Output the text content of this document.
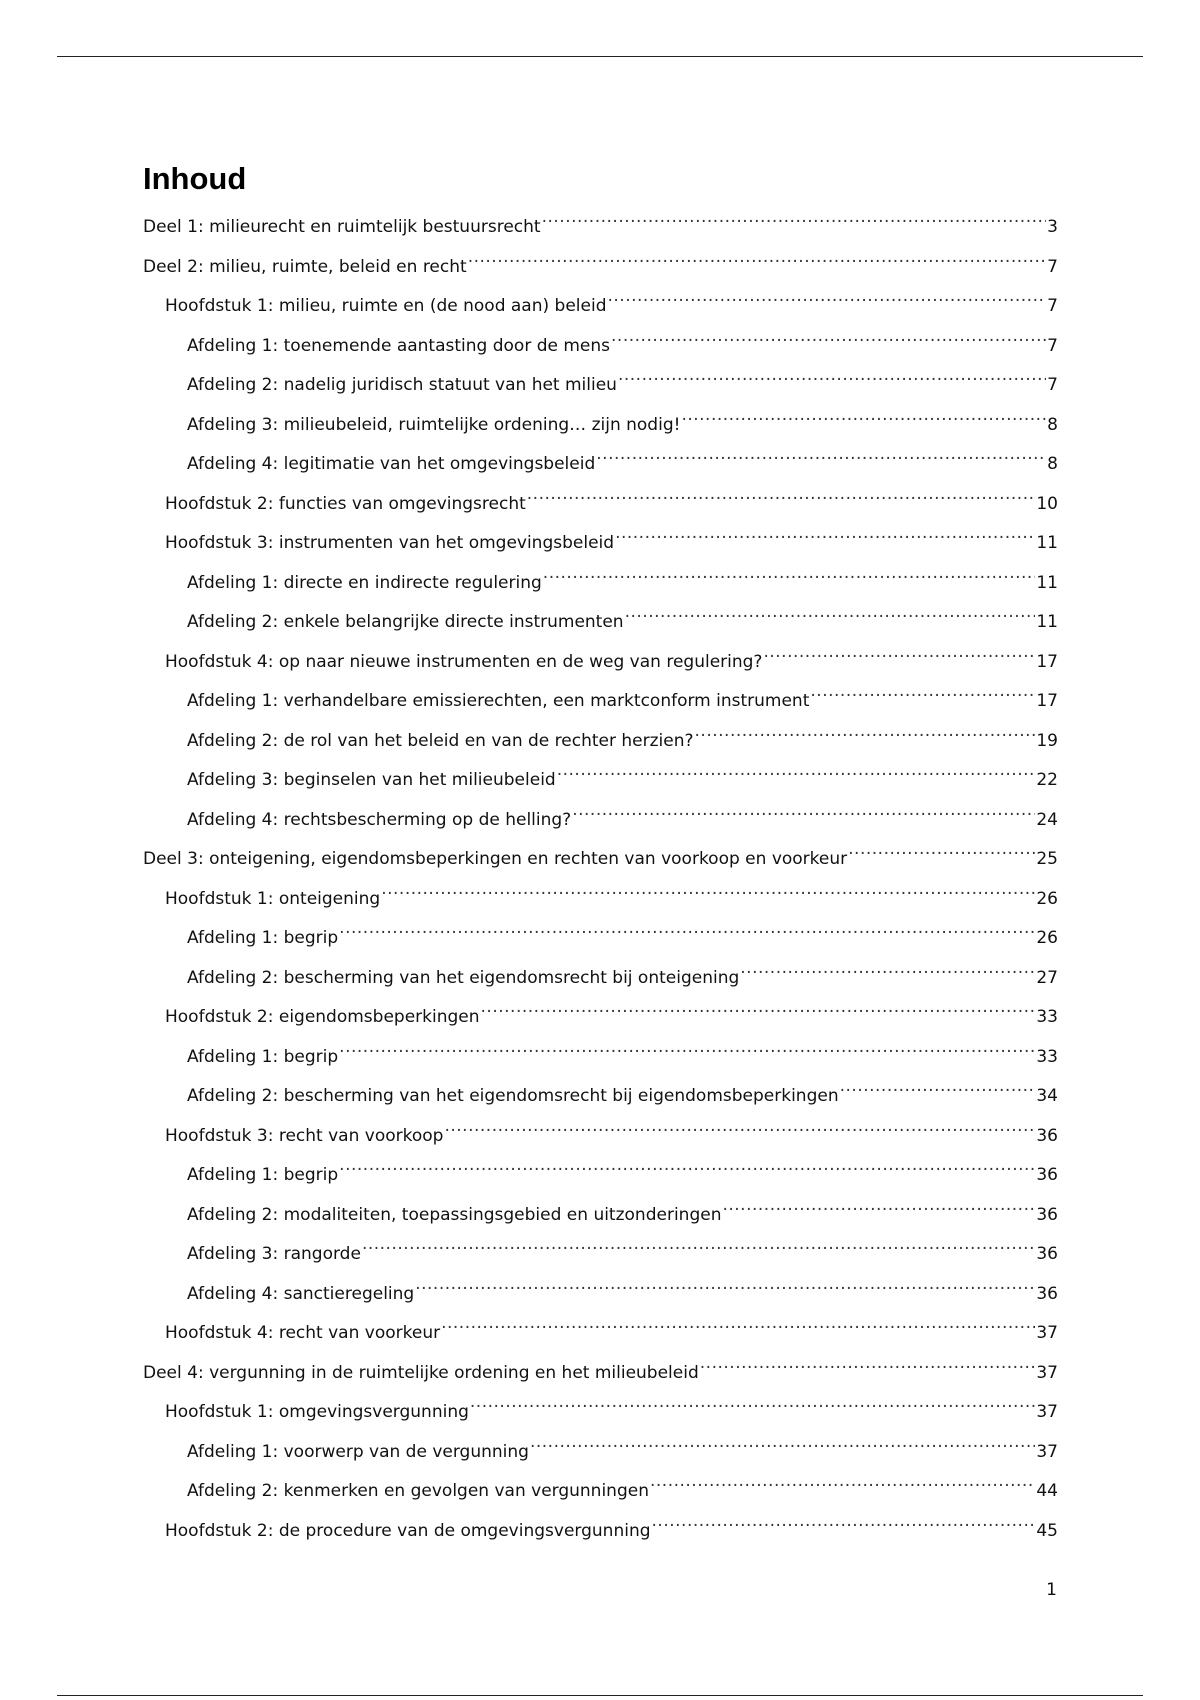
Inhoud
Deel 1: milieurecht en ruimtelijk bestuursrecht .....	3
Deel 2: milieu, ruimte, beleid en recht .....	7
Hoofdstuk 1: milieu, ruimte en (de nood aan) beleid .....	7
Afdeling 1: toenemende aantasting door de mens .....	7
Afdeling 2: nadelig juridisch statuut van het milieu .....	7
Afdeling 3: milieubeleid, ruimtelijke ordening… zijn nodig! .....	8
Afdeling 4: legitimatie van het omgevingsbeleid .....	8
Hoofdstuk 2: functies van omgevingsrecht .....	10
Hoofdstuk 3: instrumenten van het omgevingsbeleid .....	11
Afdeling 1: directe en indirecte regulering .....	11
Afdeling 2: enkele belangrijke directe instrumenten .....	11
Hoofdstuk 4: op naar nieuwe instrumenten en de weg van regulering? .....	17
Afdeling 1: verhandelbare emissierechten, een marktconform instrument .....	17
Afdeling 2: de rol van het beleid en van de rechter herzien? .....	19
Afdeling 3: beginselen van het milieubeleid .....	22
Afdeling 4: rechtsbescherming op de helling? .....	24
Deel 3: onteigening, eigendomsbeperkingen en rechten van voorkoop en voorkeur .....	25
Hoofdstuk 1: onteigening .....	26
Afdeling 1: begrip .....	26
Afdeling 2: bescherming van het eigendomsrecht bij onteigening .....	27
Hoofdstuk 2: eigendomsbeperkingen .....	33
Afdeling 1: begrip .....	33
Afdeling 2: bescherming van het eigendomsrecht bij eigendomsbeperkingen .....	34
Hoofdstuk 3: recht van voorkoop .....	36
Afdeling 1: begrip .....	36
Afdeling 2: modaliteiten, toepassingsgebied en uitzonderingen .....	36
Afdeling 3: rangorde .....	36
Afdeling 4: sanctieregeling .....	36
Hoofdstuk 4: recht van voorkeur .....	37
Deel 4: vergunning in de ruimtelijke ordening en het milieubeleid .....	37
Hoofdstuk 1: omgevingsvergunning .....	37
Afdeling 1: voorwerp van de vergunning .....	37
Afdeling 2: kenmerken en gevolgen van vergunningen .....	44
Hoofdstuk 2: de procedure van de omgevingsvergunning .....	45
1
